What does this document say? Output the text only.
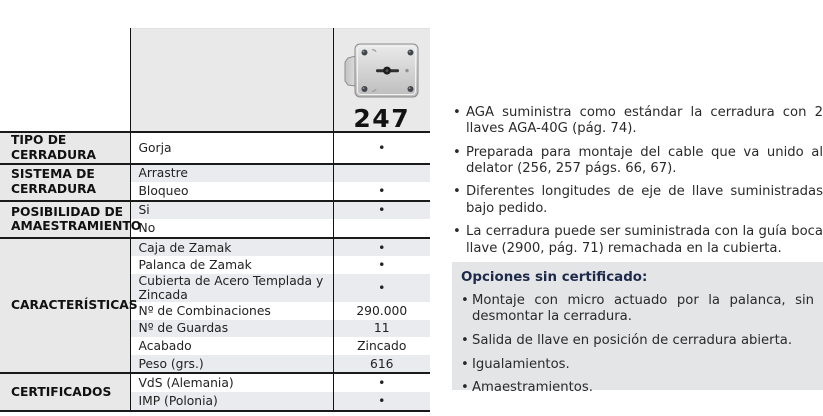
		247

TIPO DE CERRADURA	Gorja	•
SISTEMA DE CERRADURA	Arrastre	
	Bloqueo	•
POSIBILIDAD DE AMAESTRAMIENTO	Si	•
	No	
CARACTERÍSTICAS	Caja de Zamak	•
	Palanca de Zamak	•
	Cubierta de Acero Templada y Zincada	•
	Nº de Combinaciones	290.000
	Nº de Guardas	11
	Acabado	Zincado
	Peso (grs.)	616
CERTIFICADOS	VdS (Alemania)	•
	IMP (Polonia)	•
• AGA suministra como estándar la cerradura con 2 llaves AGA-40G (pág. 74).
• Preparada para montaje del cable que va unido al delator (256, 257 págs. 66, 67).
• Diferentes longitudes de eje de llave suministradas bajo pedido.
• La cerradura puede ser suministrada con la guía boca llave (2900, pág. 71) remachada en la cubierta.
Opciones sin certificado:
• Montaje con micro actuado por la palanca, sin desmontar la cerradura.
• Salida de llave en posición de cerradura abierta.
• Igualamientos.
• Amaestramientos.
